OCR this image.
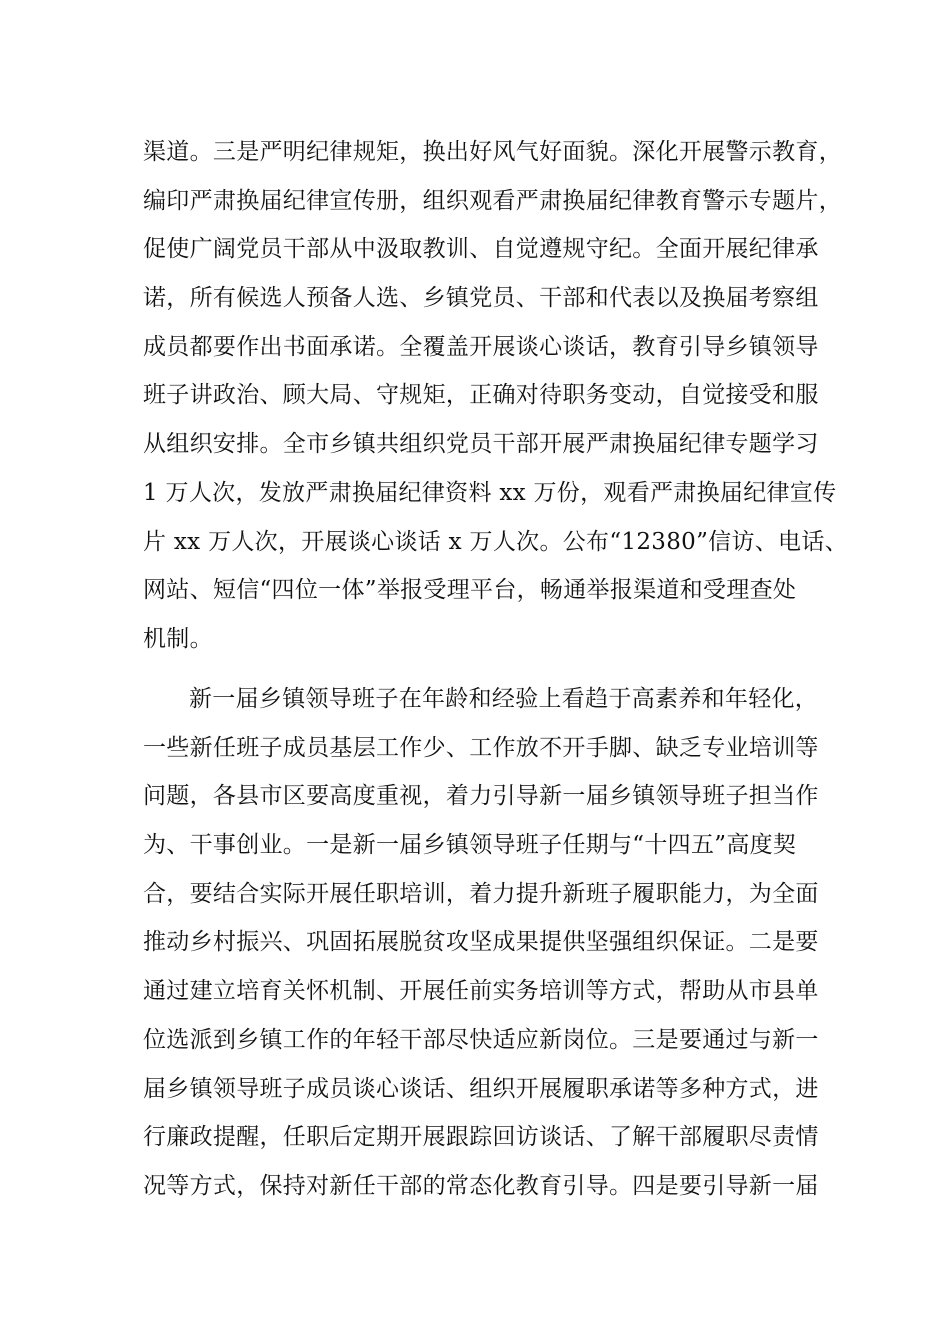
渠道。三是严明纪律规矩，换出好风气好面貌。深化开展警示教育，
编印严肃换届纪律宣传册，组织观看严肃换届纪律教育警示专题片，
促使广阔党员干部从中汲取教训、自觉遵规守纪。全面开展纪律承
诺，所有候选人预备人选、乡镇党员、干部和代表以及换届考察组
成员都要作出书面承诺。全覆盖开展谈心谈话，教育引导乡镇领导
班子讲政治、顾大局、守规矩，正确对待职务变动，自觉接受和服
从组织安排。全市乡镇共组织党员干部开展严肃换届纪律专题学习
1 万人次，发放严肃换届纪律资料 xx 万份，观看严肃换届纪律宣传
片 xx 万人次，开展谈心谈话 x 万人次。公布“12380”信访、电话、
网站、短信“四位一体”举报受理平台，畅通举报渠道和受理查处
机制。
新一届乡镇领导班子在年龄和经验上看趋于高素养和年轻化，
一些新任班子成员基层工作少、工作放不开手脚、缺乏专业培训等
问题，各县市区要高度重视，着力引导新一届乡镇领导班子担当作
为、干事创业。一是新一届乡镇领导班子任期与“十四五”高度契
合，要结合实际开展任职培训，着力提升新班子履职能力，为全面
推动乡村振兴、巩固拓展脱贫攻坚成果提供坚强组织保证。二是要
通过建立培育关怀机制、开展任前实务培训等方式，帮助从市县单
位选派到乡镇工作的年轻干部尽快适应新岗位。三是要通过与新一
届乡镇领导班子成员谈心谈话、组织开展履职承诺等多种方式，进
行廉政提醒，任职后定期开展跟踪回访谈话、了解干部履职尽责情
况等方式，保持对新任干部的常态化教育引导。四是要引导新一届
